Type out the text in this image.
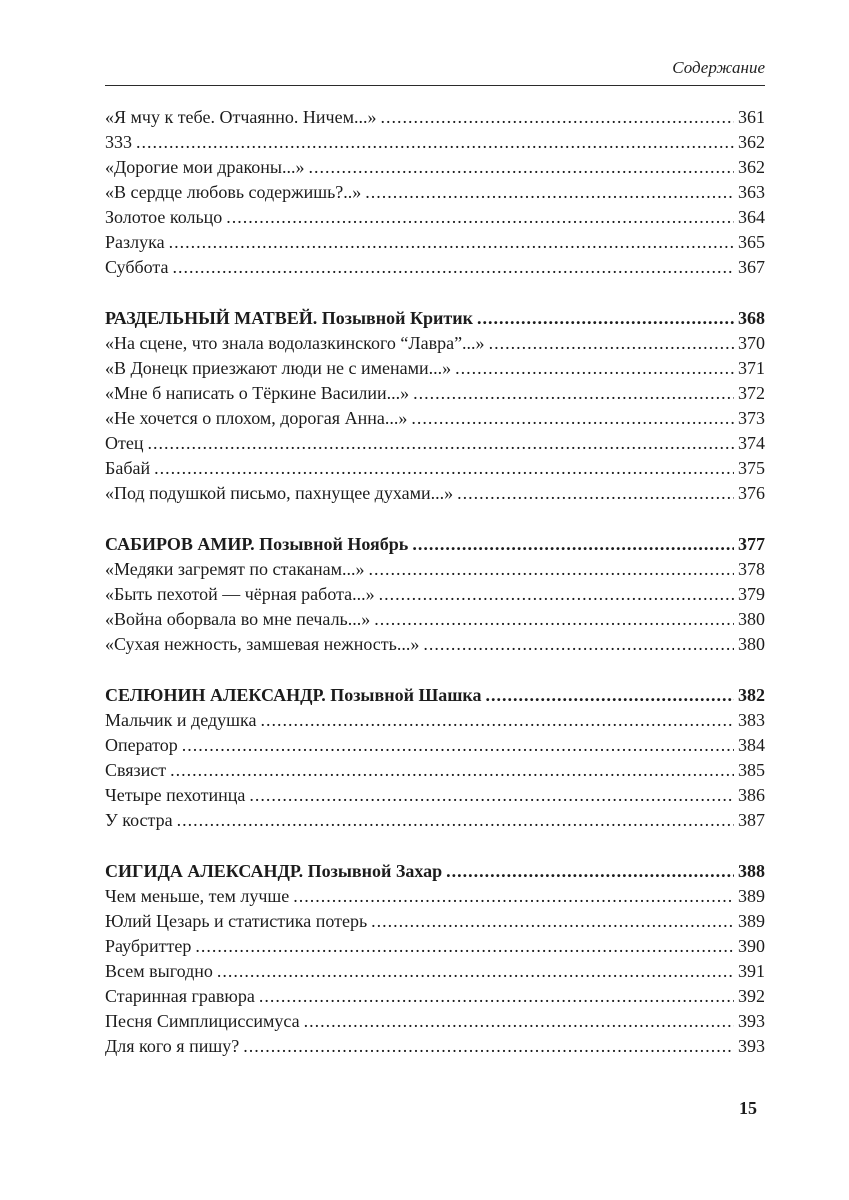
Содержание
«Я мчу к тебе. Отчаянно. Ничем...» .....	361
333 .....	362
«Дорогие мои драконы...» .....	362
«В сердце любовь содержишь?..» .....	363
Золотое кольцо .....	364
Разлука .....	365
Суббота .....	367
РАЗДЕЛЬНЫЙ МАТВЕЙ. Позывной Критик .....	368
«На сцене, что знала водолазкинского “Лавра”...» .....	370
«В Донецк приезжают люди не с именами...» .....	371
«Мне б написать о Тёркине Василии...» .....	372
«Не хочется о плохом, дорогая Анна...» .....	373
Отец .....	374
Бабай .....	375
«Под подушкой письмо, пахнущее духами...» .....	376
САБИРОВ АМИР. Позывной Ноябрь .....	377
«Медяки загремят по стаканам...» .....	378
«Быть пехотой — чёрная работа...» .....	379
«Война оборвала во мне печаль...» .....	380
«Сухая нежность, замшевая нежность...» .....	380
СЕЛЮНИН АЛЕКСАНДР. Позывной Шашка .....	382
Мальчик и дедушка .....	383
Оператор .....	384
Связист .....	385
Четыре пехотинца .....	386
У костра .....	387
СИГИДА АЛЕКСАНДР. Позывной Захар .....	388
Чем меньше, тем лучше .....	389
Юлий Цезарь и статистика потерь .....	389
Раубриттер .....	390
Всем выгодно .....	391
Старинная гравюра .....	392
Песня Симплициссимуса .....	393
Для кого я пишу? .....	393
15
